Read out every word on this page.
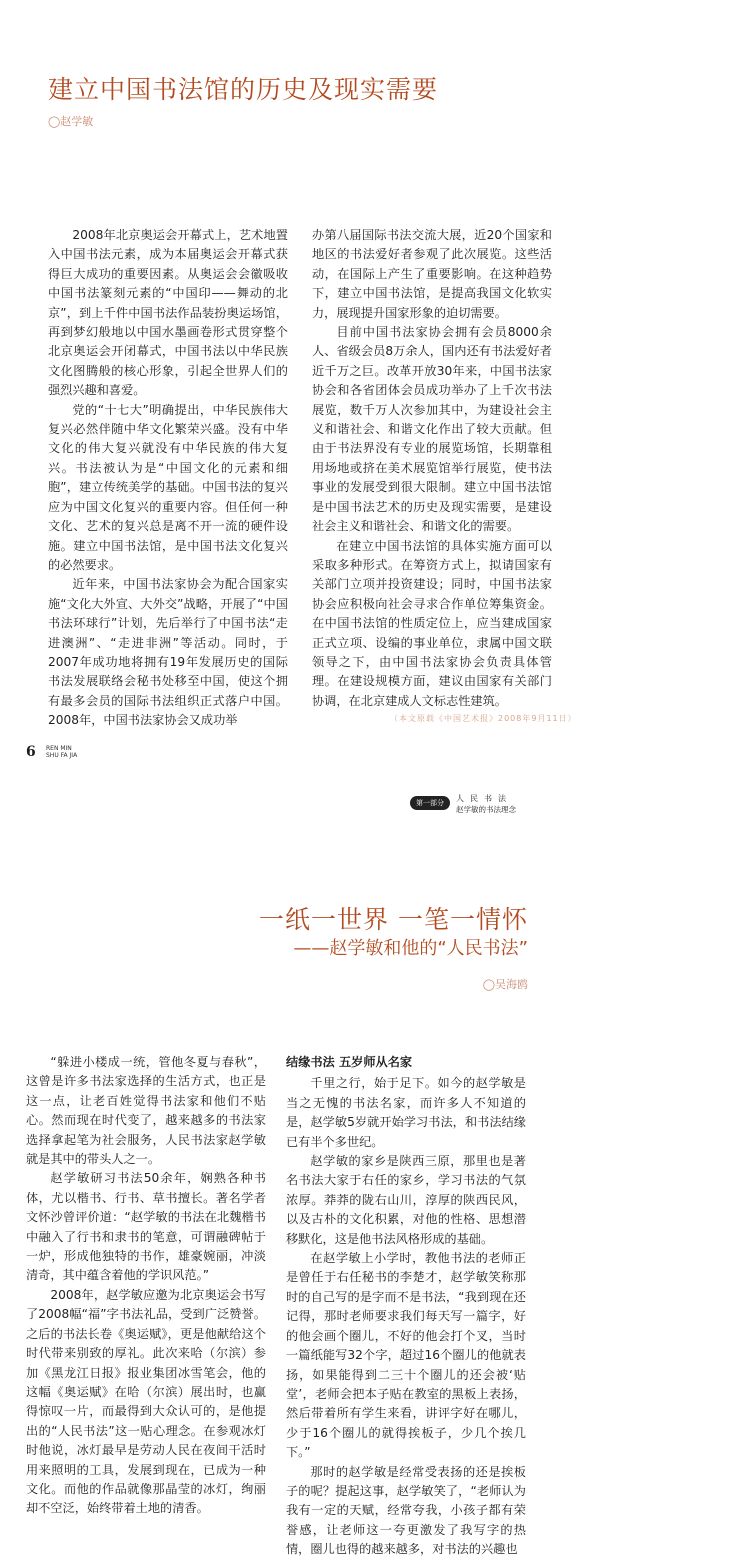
建立中国书法馆的历史及现实需要
◯赵学敏

2008年北京奥运会开幕式上，艺术地置入中国书法元素，成为本届奥运会开幕式获得巨大成功的重要因素。从奥运会会徽吸收中国书法篆刻元素的“中国印——舞动的北京”，到上千件中国书法作品装扮奥运场馆，再到梦幻般地以中国水墨画卷形式贯穿整个北京奥运会开闭幕式，中国书法以中华民族文化图腾般的核心形象，引起全世界人们的强烈兴趣和喜爱。

党的“十七大”明确提出，中华民族伟大复兴必然伴随中华文化繁荣兴盛。没有中华文化的伟大复兴就没有中华民族的伟大复兴。书法被认为是“中国文化的元素和细胞”，建立传统美学的基础。中国书法的复兴应为中国文化复兴的重要内容。但任何一种文化、艺术的复兴总是离不开一流的硬件设施。建立中国书法馆，是中国书法文化复兴的必然要求。

近年来，中国书法家协会为配合国家实施“文化大外宣、大外交”战略，开展了“中国书法环球行”计划，先后举行了中国书法“走进澳洲”、“走进非洲”等活动。同时，于2007年成功地将拥有19年发展历史的国际书法发展联络会秘书处移至中国，使这个拥有最多会员的国际书法组织正式落户中国。2008年，中国书法家协会又成功举

办第八届国际书法交流大展，近20个国家和地区的书法爱好者参观了此次展览。这些活动，在国际上产生了重要影响。在这种趋势下，建立中国书法馆，是提高我国文化软实力，展现提升国家形象的迫切需要。

目前中国书法家协会拥有会员8000余人、省级会员8万余人，国内还有书法爱好者近千万之巨。改革开放30年来，中国书法家协会和各省团体会员成功举办了上千次书法展览，数千万人次参加其中，为建设社会主义和谐社会、和谐文化作出了较大贡献。但由于书法界没有专业的展览场馆，长期靠租用场地或挤在美术展览馆举行展览，使书法事业的发展受到很大限制。建立中国书法馆是中国书法艺术的历史及现实需要，是建设社会主义和谐社会、和谐文化的需要。

在建立中国书法馆的具体实施方面可以采取多种形式。在筹资方式上，拟请国家有关部门立项并投资建设；同时，中国书法家协会应积极向社会寻求合作单位筹集资金。在中国书法馆的性质定位上，应当建成国家正式立项、设编的事业单位，隶属中国文联领导之下，由中国书法家协会负责具体管理。在建设规模方面，建议由国家有关部门协调，在北京建成人文标志性建筑。

（本文原载《中国艺术报》2008年9月11日）
6 REN MIN
SHU FA JIA
第一部分	人民书法
赵学敏的书法理念
一纸一世界 一笔一情怀
——赵学敏和他的“人民书法”
◯吴海鸥

“躲进小楼成一统，管他冬夏与春秋”，这曾是许多书法家选择的生活方式，也正是这一点，让老百姓觉得书法家和他们不贴心。然而现在时代变了，越来越多的书法家选择拿起笔为社会服务，人民书法家赵学敏就是其中的带头人之一。

赵学敏研习书法50余年，娴熟各种书体，尤以楷书、行书、草书擅长。著名学者文怀沙曾评价道：“赵学敏的书法在北魏楷书中融入了行书和隶书的笔意，可谓融碑帖于一炉，形成他独特的书作，雄豪婉丽，冲淡清奇，其中蕴含着他的学识风范。”

2008年，赵学敏应邀为北京奥运会书写了2008幅“福”字书法礼品，受到广泛赞誉。之后的书法长卷《奥运赋》，更是他献给这个时代带来别致的厚礼。此次来哈（尔滨）参加《黑龙江日报》报业集团冰雪笔会，他的这幅《奥运赋》在哈（尔滨）展出时，也赢得惊叹一片，而最得到大众认可的，是他提出的“人民书法”这一贴心理念。在参观冰灯时他说，冰灯最早是劳动人民在夜间干活时用来照明的工具，发展到现在，已成为一种文化。而他的作品就像那晶莹的冰灯，绚丽却不空泛，始终带着土地的清香。

结缘书法 五岁师从名家

千里之行，始于足下。如今的赵学敏是当之无愧的书法名家，而许多人不知道的是，赵学敏5岁就开始学习书法，和书法结缘已有半个多世纪。

赵学敏的家乡是陕西三原，那里也是著名书法大家于右任的家乡，学习书法的气氛浓厚。莽莽的陇右山川，淳厚的陕西民风，以及古朴的文化积累，对他的性格、思想潜移默化，这是他书法风格形成的基础。

在赵学敏上小学时，教他书法的老师正是曾任于右任秘书的李楚才，赵学敏笑称那时的自己写的是字而不是书法，“我到现在还记得，那时老师要求我们每天写一篇字，好的他会画个圈儿，不好的他会打个叉，当时一篇纸能写32个字，超过16个圈儿的他就表扬，如果能得到二三十个圈儿的还会被‘贴堂’，老师会把本子贴在教室的黑板上表扬，然后带着所有学生来看，讲评字好在哪儿，少于16个圈儿的就得挨板子，少几个挨几下。”

那时的赵学敏是经常受表扬的还是挨板子的呢？提起这事，赵学敏笑了，“老师认为我有一定的天赋，经常夸我，小孩子都有荣誉感，让老师这一夸更激发了我写字的热情，圈儿也得的越来越多，对书法的兴趣也
